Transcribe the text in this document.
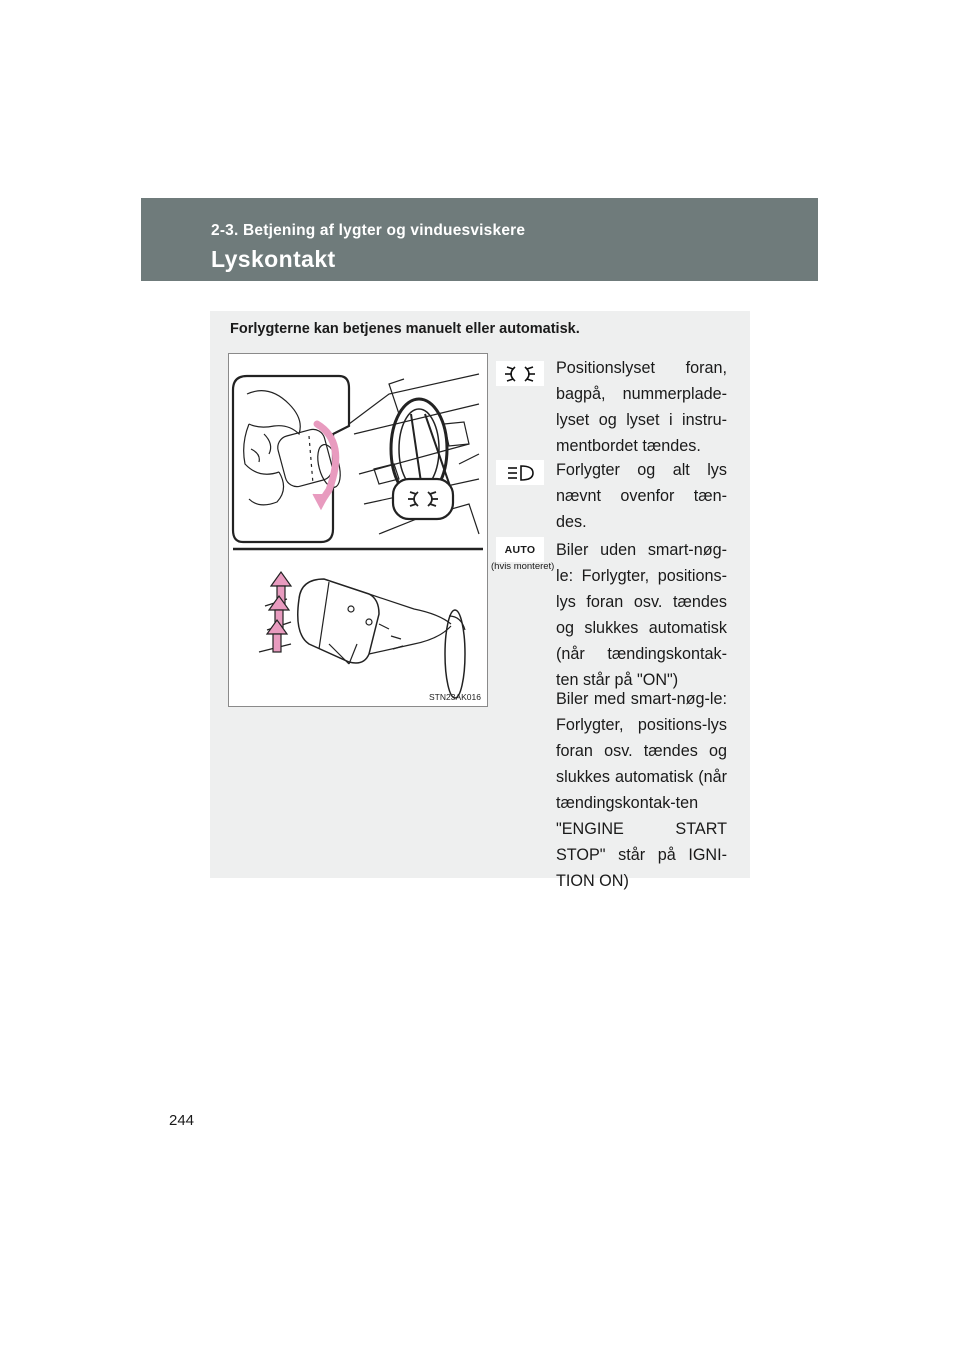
2-3. Betjening af lygter og vinduesviskere
Lyskontakt
Forlygterne kan betjenes manuelt eller automatisk.
STN23AK016
Positionslyset foran, bagpå, nummerplade-lyset og lyset i instru-mentbordet tændes.
Forlygter og alt lys nævnt ovenfor tæn-des.
AUTO
(hvis monteret)
Biler uden smart-nøg-le: Forlygter, positions-lys foran osv. tændes og slukkes automatisk (når tændingskontak-ten står på "ON")
Biler med smart-nøg-le: Forlygter, positions-lys foran osv. tændes og slukkes automatisk (når tændingskontak-ten "ENGINE START STOP" står på IGNI-TION ON)
244
